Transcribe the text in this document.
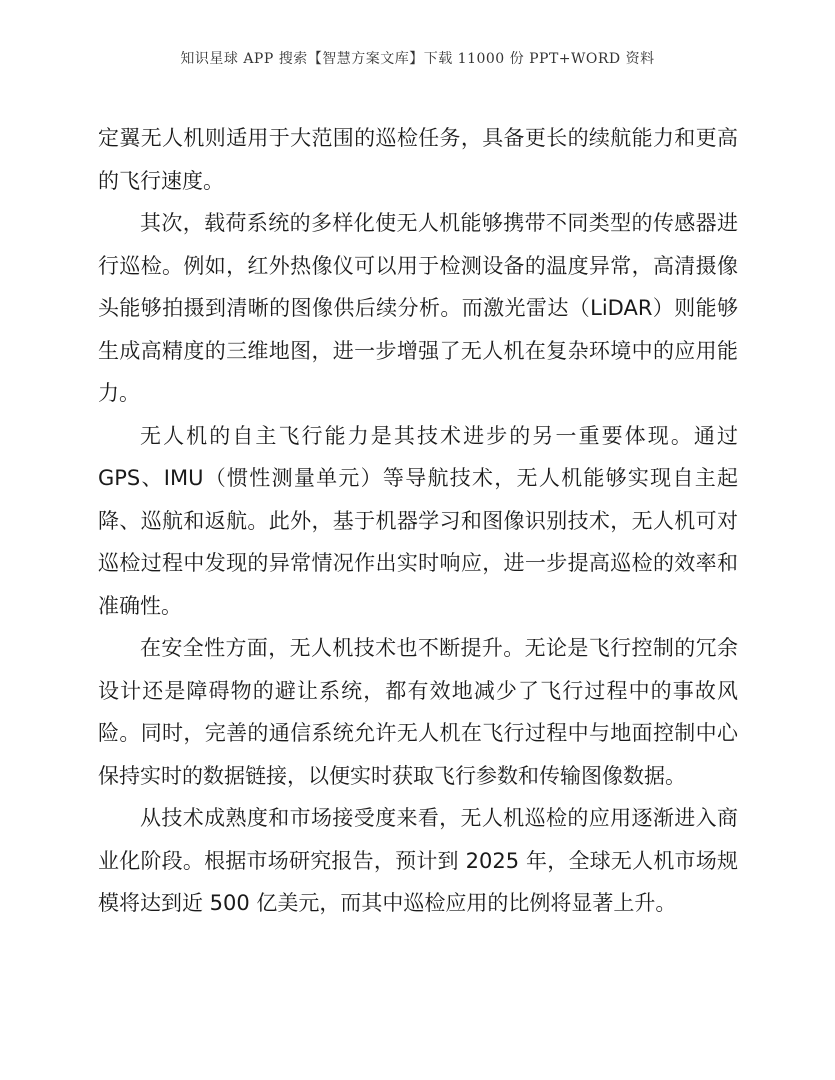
知识星球 APP 搜索【智慧方案文库】下载 11000 份 PPT+WORD 资料

定翼无人机则适用于大范围的巡检任务，具备更长的续航能力和更高的飞行速度。

其次，载荷系统的多样化使无人机能够携带不同类型的传感器进行巡检。例如，红外热像仪可以用于检测设备的温度异常，高清摄像头能够拍摄到清晰的图像供后续分析。而激光雷达（LiDAR）则能够生成高精度的三维地图，进一步增强了无人机在复杂环境中的应用能力。

无人机的自主飞行能力是其技术进步的另一重要体现。通过 GPS、IMU（惯性测量单元）等导航技术，无人机能够实现自主起降、巡航和返航。此外，基于机器学习和图像识别技术，无人机可对巡检过程中发现的异常情况作出实时响应，进一步提高巡检的效率和准确性。

在安全性方面，无人机技术也不断提升。无论是飞行控制的冗余设计还是障碍物的避让系统，都有效地减少了飞行过程中的事故风险。同时，完善的通信系统允许无人机在飞行过程中与地面控制中心保持实时的数据链接，以便实时获取飞行参数和传输图像数据。

从技术成熟度和市场接受度来看，无人机巡检的应用逐渐进入商业化阶段。根据市场研究报告，预计到 2025 年，全球无人机市场规模将达到近 500 亿美元，而其中巡检应用的比例将显著上升。
